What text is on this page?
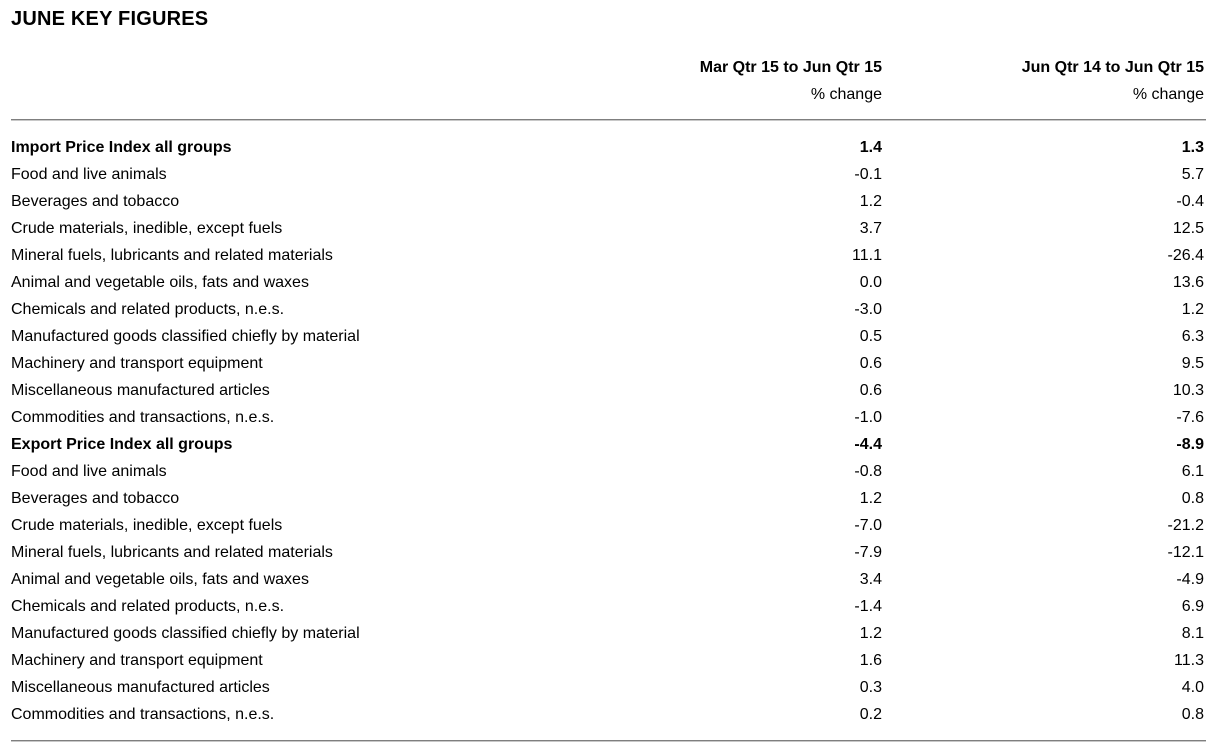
JUNE KEY FIGURES
Mar Qtr 15 to Jun Qtr 15
% change
Jun Qtr 14 to Jun Qtr 15
% change
Import Price Index all groups	1.4	1.3
Food and live animals	-0.1	5.7
Beverages and tobacco	1.2	-0.4
Crude materials, inedible, except fuels	3.7	12.5
Mineral fuels, lubricants and related materials	11.1	-26.4
Animal and vegetable oils, fats and waxes	0.0	13.6
Chemicals and related products, n.e.s.	-3.0	1.2
Manufactured goods classified chiefly by material	0.5	6.3
Machinery and transport equipment	0.6	9.5
Miscellaneous manufactured articles	0.6	10.3
Commodities and transactions, n.e.s.	-1.0	-7.6
Export Price Index all groups	-4.4	-8.9
Food and live animals	-0.8	6.1
Beverages and tobacco	1.2	0.8
Crude materials, inedible, except fuels	-7.0	-21.2
Mineral fuels, lubricants and related materials	-7.9	-12.1
Animal and vegetable oils, fats and waxes	3.4	-4.9
Chemicals and related products, n.e.s.	-1.4	6.9
Manufactured goods classified chiefly by material	1.2	8.1
Machinery and transport equipment	1.6	11.3
Miscellaneous manufactured articles	0.3	4.0
Commodities and transactions, n.e.s.	0.2	0.8
